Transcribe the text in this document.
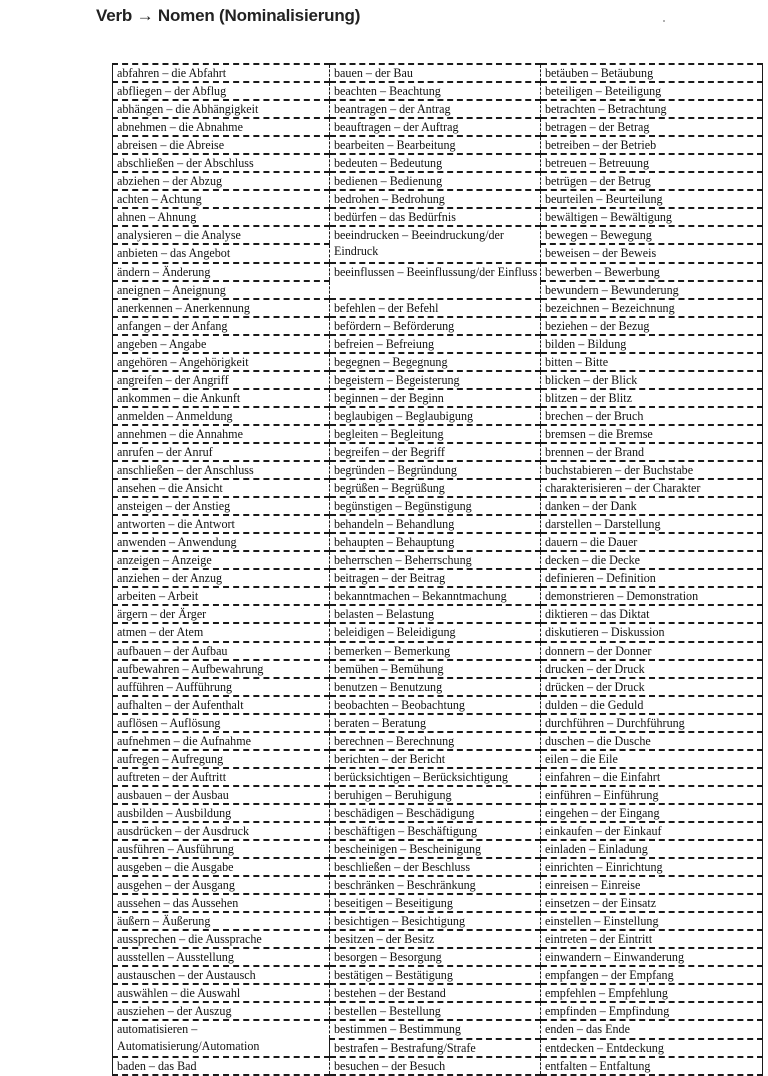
Verb → Nomen (Nominalisierung)
abfahren – die Abfahrt	bauen – der Bau	betäuben – Betäubung

abfliegen – der Abflug	beachten – Beachtung	beteiligen – Beteiligung

abhängen – die Abhängigkeit	beantragen – der Antrag	betrachten – Betrachtung

abnehmen – die Abnahme	beauftragen – der Auftrag	betragen – der Betrag

abreisen – die Abreise	bearbeiten – Bearbeitung	betreiben – der Betrieb

abschließen – der Abschluss	bedeuten – Bedeutung	betreuen – Betreuung

abziehen – der Abzug	bedienen – Bedienung	betrügen – der Betrug

achten – Achtung	bedrohen – Bedrohung	beurteilen – Beurteilung

ahnen – Ahnung	bedürfen – das Bedürfnis	bewältigen – Bewältigung

analysieren – die Analyse	beeindrucken – Beeindruckung/der Eindruck	bewegen – Bewegung

anbieten – das Angebot		beweisen – der Beweis

ändern – Änderung	beeinflussen – Beeinflussung/der Einfluss	bewerben – Bewerbung

aneignen – Aneignung		bewundern – Bewunderung

anerkennen – Anerkennung	befehlen – der Befehl	bezeichnen – Bezeichnung

anfangen – der Anfang	befördern – Beförderung	beziehen – der Bezug

angeben – Angabe	befreien – Befreiung	bilden – Bildung

angehören – Angehörigkeit	begegnen – Begegnung	bitten – Bitte

angreifen – der Angriff	begeistern – Begeisterung	blicken – der Blick

ankommen – die Ankunft	beginnen – der Beginn	blitzen – der Blitz

anmelden – Anmeldung	beglaubigen – Beglaubigung	brechen – der Bruch

annehmen – die Annahme	begleiten – Begleitung	bremsen – die Bremse

anrufen – der Anruf	begreifen – der Begriff	brennen – der Brand

anschließen – der Anschluss	begründen – Begründung	buchstabieren – der Buchstabe

ansehen – die Ansicht	begrüßen – Begrüßung	charakterisieren – der Charakter

ansteigen – der Anstieg	begünstigen – Begünstigung	danken – der Dank

antworten – die Antwort	behandeln – Behandlung	darstellen – Darstellung

anwenden – Anwendung	behaupten – Behauptung	dauern – die Dauer

anzeigen – Anzeige	beherrschen – Beherrschung	decken – die Decke

anziehen – der Anzug	beitragen – der Beitrag	definieren – Definition

arbeiten – Arbeit	bekanntmachen – Bekanntmachung	demonstrieren – Demonstration

ärgern – der Ärger	belasten – Belastung	diktieren – das Diktat

atmen – der Atem	beleidigen – Beleidigung	diskutieren – Diskussion

aufbauen – der Aufbau	bemerken – Bemerkung	donnern – der Donner

aufbewahren – Aufbewahrung	bemühen – Bemühung	drucken – der Druck

aufführen – Aufführung	benutzen – Benutzung	drücken – der Druck

aufhalten – der Aufenthalt	beobachten – Beobachtung	dulden – die Geduld

auflösen – Auflösung	beraten – Beratung	durchführen – Durchführung

aufnehmen – die Aufnahme	berechnen – Berechnung	duschen – die Dusche

aufregen – Aufregung	berichten – der Bericht	eilen – die Eile

auftreten – der Auftritt	berücksichtigen – Berücksichtigung	einfahren – die Einfahrt

ausbauen – der Ausbau	beruhigen – Beruhigung	einführen – Einführung

ausbilden – Ausbildung	beschädigen – Beschädigung	eingehen – der Eingang

ausdrücken – der Ausdruck	beschäftigen – Beschäftigung	einkaufen – der Einkauf

ausführen – Ausführung	bescheinigen – Bescheinigung	einladen – Einladung

ausgeben – die Ausgabe	beschließen – der Beschluss	einrichten – Einrichtung

ausgehen – der Ausgang	beschränken – Beschränkung	einreisen – Einreise

aussehen – das Aussehen	beseitigen – Beseitigung	einsetzen – der Einsatz

äußern – Äußerung	besichtigen – Besichtigung	einstellen – Einstellung

aussprechen – die Aussprache	besitzen – der Besitz	eintreten – der Eintritt

ausstellen – Ausstellung	besorgen – Besorgung	einwandern – Einwanderung

austauschen – der Austausch	bestätigen – Bestätigung	empfangen – der Empfang

auswählen – die Auswahl	bestehen – der Bestand	empfehlen – Empfehlung

ausziehen – der Auszug	bestellen – Bestellung	empfinden – Empfindung

automatisieren – Automatisierung/Automation	bestimmen – Bestimmung	enden – das Ende

	bestrafen – Bestrafung/Strafe	entdecken – Entdeckung

baden – das Bad	besuchen – der Besuch	entfalten – Entfaltung
